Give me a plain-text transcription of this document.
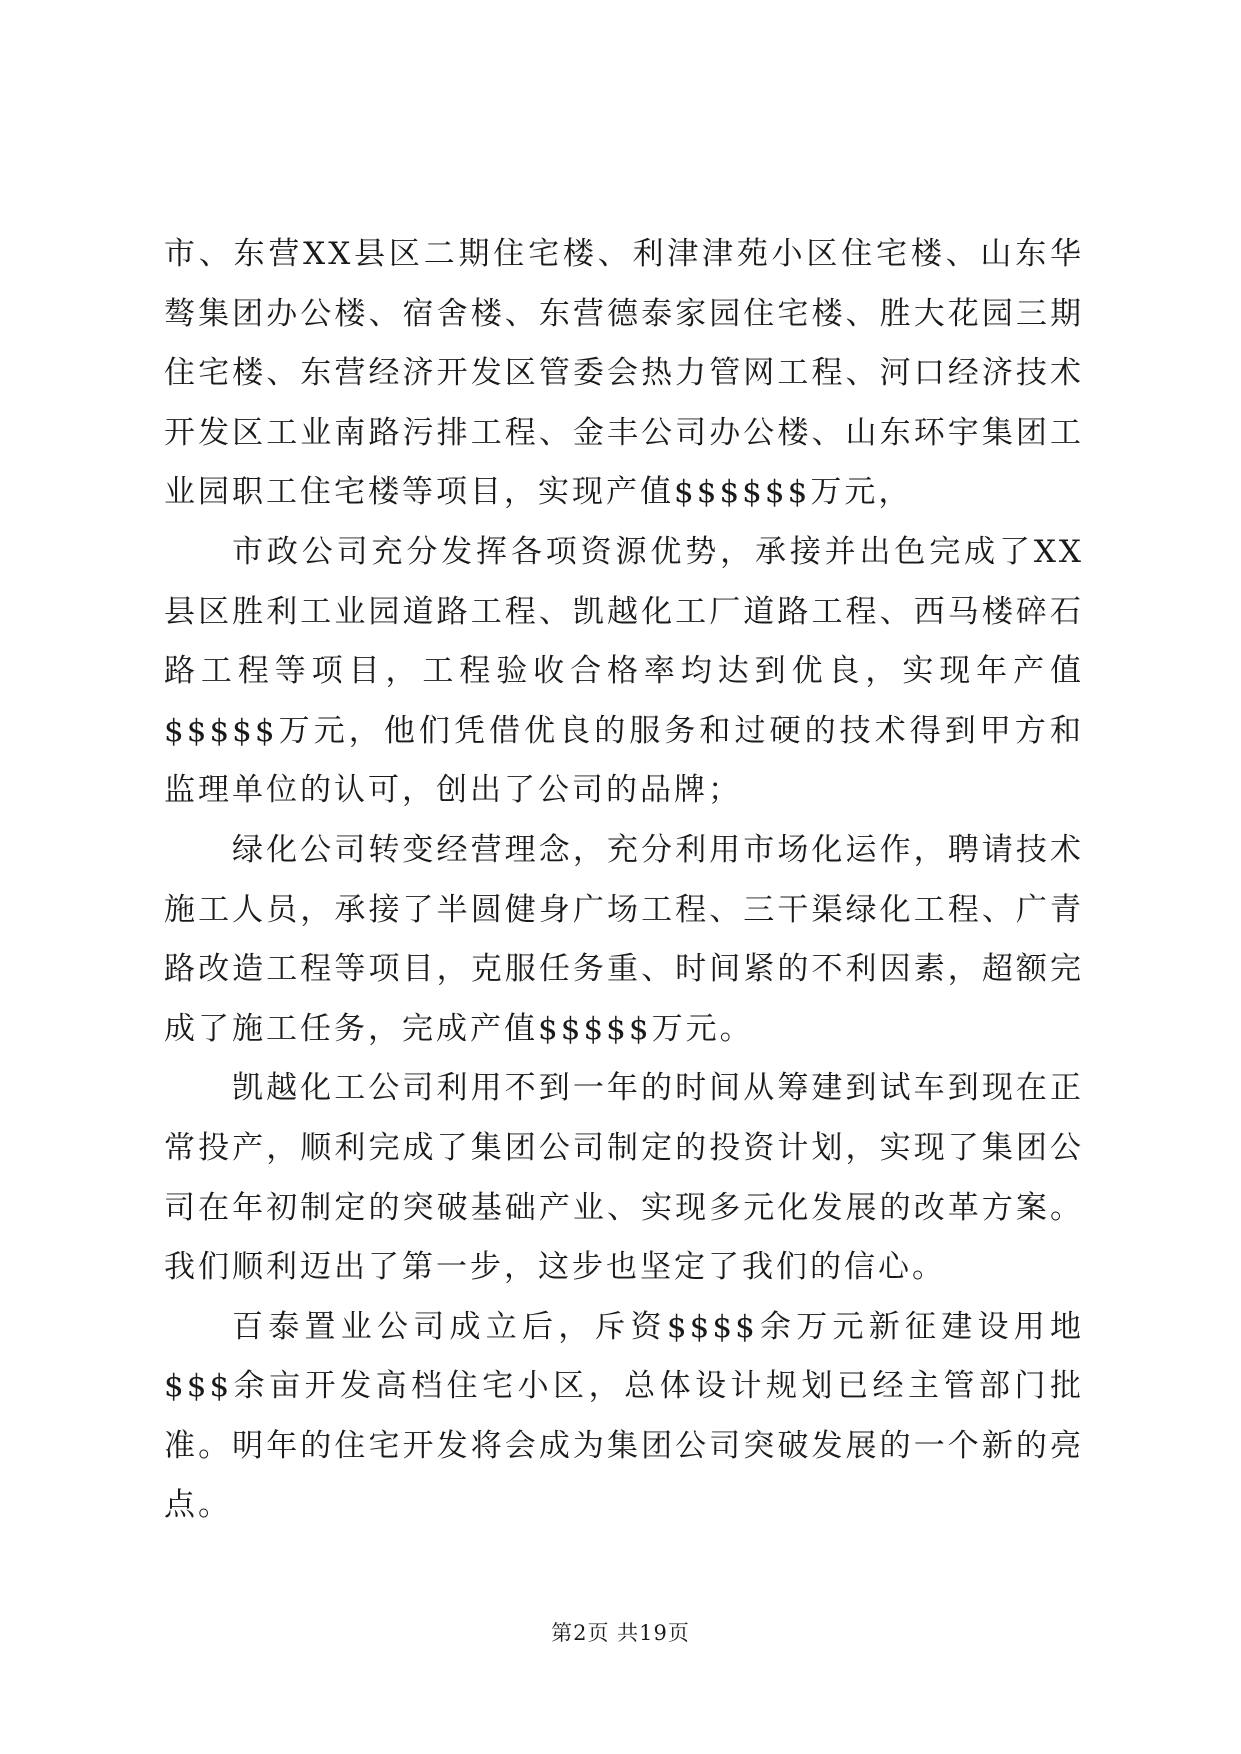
市、东营XX县区二期住宅楼、利津津苑小区住宅楼、山东华骜集团办公楼、宿舍楼、东营德泰家园住宅楼、胜大花园三期住宅楼、东营经济开发区管委会热力管网工程、河口经济技术开发区工业南路污排工程、金丰公司办公楼、山东环宇集团工业园职工住宅楼等项目，实现产值$$$$$$万元，

市政公司充分发挥各项资源优势，承接并出色完成了XX县区胜利工业园道路工程、凯越化工厂道路工程、西马楼碎石路工程等项目，工程验收合格率均达到优良，实现年产值$$$$$万元，他们凭借优良的服务和过硬的技术得到甲方和监理单位的认可，创出了公司的品牌；

绿化公司转变经营理念，充分利用市场化运作，聘请技术施工人员，承接了半圆健身广场工程、三干渠绿化工程、广青路改造工程等项目，克服任务重、时间紧的不利因素，超额完成了施工任务，完成产值$$$$$万元。

凯越化工公司利用不到一年的时间从筹建到试车到现在正常投产，顺利完成了集团公司制定的投资计划，实现了集团公司在年初制定的突破基础产业、实现多元化发展的改革方案。我们顺利迈出了第一步，这步也坚定了我们的信心。

百泰置业公司成立后，斥资$$$$余万元新征建设用地$$$余亩开发高档住宅小区，总体设计规划已经主管部门批准。明年的住宅开发将会成为集团公司突破发展的一个新的亮点。

第2页 共19页
